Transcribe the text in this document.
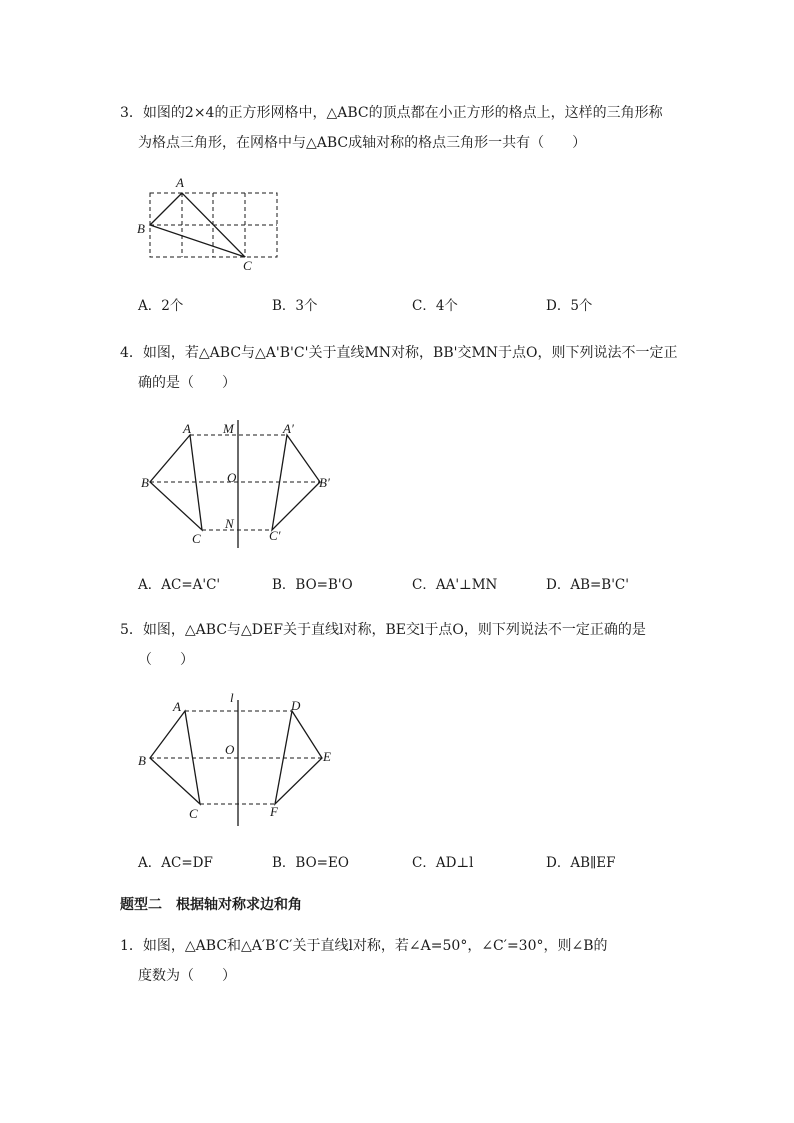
3．如图的2×4的正方形网格中，△ABC的顶点都在小正方形的格点上，这样的三角形称
为格点三角形，在网格中与△ABC成轴对称的格点三角形一共有（　　）
A
B
C
A．2个	B．3个	C．4个	D．5个
4．如图，若△ABC与△A'B'C'关于直线MN对称，BB'交MN于点O，则下列说法不一定正
确的是（　　）
A M	A′
B	O	B′
C
N
C′
A．AC=A'C'	B．BO=B'O	C．AA'⊥MN	D．AB=B'C'
5．如图，△ABC与△DEF关于直线l对称，BE交l于点O，则下列说法不一定正确的是
（　　）
A
l
D
B
O	E
C	F
A．AC=DF	B．BO=EO	C．AD⊥l	D．AB∥EF
题型二　根据轴对称求边和角
1．如图，△ABC和△A′B′C′关于直线l对称，若∠A=50°，∠C′=30°，则∠B的
度数为（　　）
